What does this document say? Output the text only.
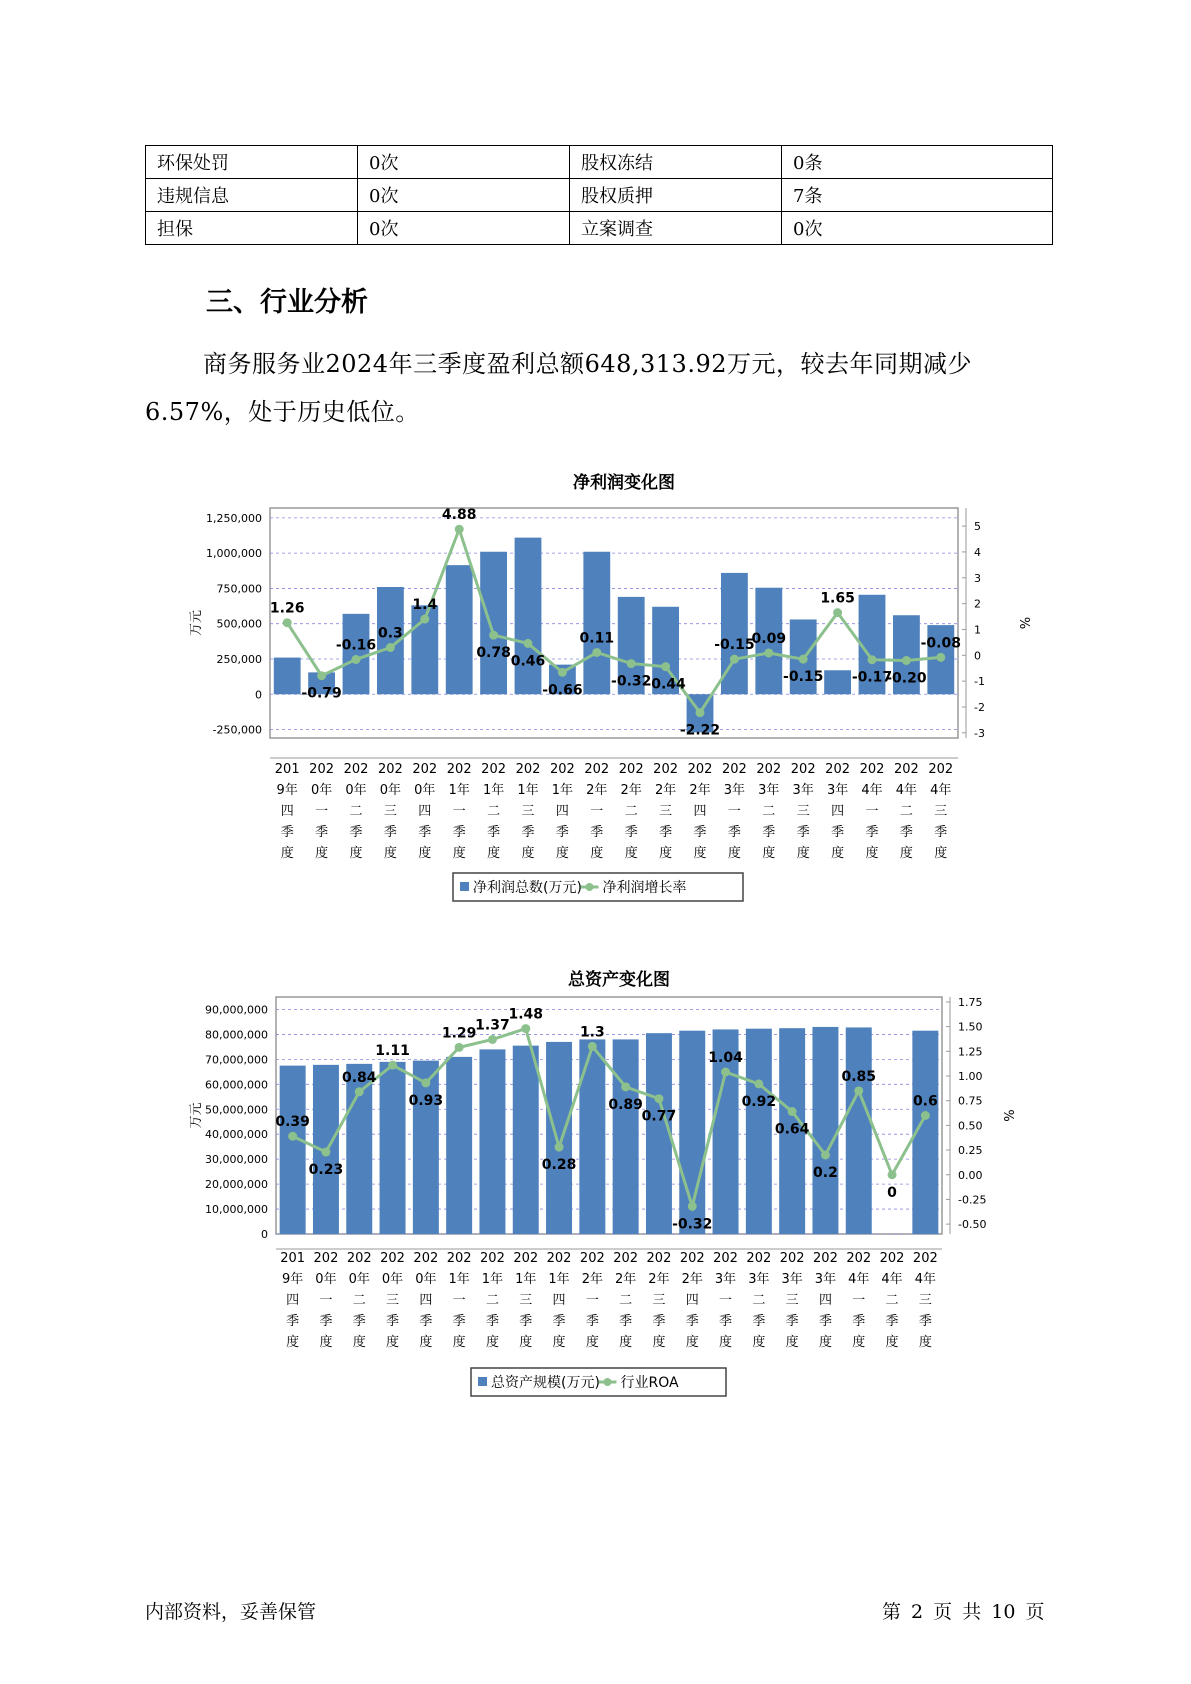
环保处罚	0次	股权冻结	0条
违规信息	0次	股权质押	7条
担保	0次	立案调查	0次
三、行业分析

商务服务业2024年三季度盈利总额648,313.92万元，较去年同期减少6.57%，处于历史低位。

净利润变化图
-250,000
0
250,000
500,000
750,000
1,000,000
1,250,000
-3
-2
-1
0
1
2
3
4
5
万元	%
1.26
-0.79
-0.16
0.3
1.4
4.88
0.78
0.46
-0.66
0.11
-0.32
-0.44
-2.22
-0.15
0.09
-0.15
1.65
-0.17
-0.20
-0.08
201 9年四季度
202 0年一季度
202 0年二季度
202 0年三季度
202 0年四季度
202 1年一季度
202 1年二季度
202 1年三季度
202 1年四季度
202 2年一季度
202 2年二季度
202 2年三季度
202 2年四季度
202 3年一季度
202 3年二季度
202 3年三季度
202 3年四季度
202 4年一季度
202 4年二季度
202 4年三季度
净利润总数(万元) 净利润增长率
总资产变化图
0
10,000,000
20,000,000
30,000,000
40,000,000
50,000,000
60,000,000
70,000,000
80,000,000
90,000,000
-0.50
-0.25
0.00
0.25
0.50
0.75
1.00
1.25
1.50
1.75
万元	%
0.39
0.23
0.84
1.11
0.93
1.29
1.37
1.48
0.28
1.3
0.89
0.77
-0.32
1.04
0.92
0.64
0.2
0.85
0
0.6
201 9年四季度
202 0年一季度
202 0年二季度
202 0年三季度
202 0年四季度
202 1年一季度
202 1年二季度
202 1年三季度
202 1年四季度
202 2年一季度
202 2年二季度
202 2年三季度
202 2年四季度
202 3年一季度
202 3年二季度
202 3年三季度
202 3年四季度
202 4年一季度
202 4年二季度
202 4年三季度
总资产规模(万元) 行业ROA
内部资料，妥善保管	第 2 页 共 10 页
